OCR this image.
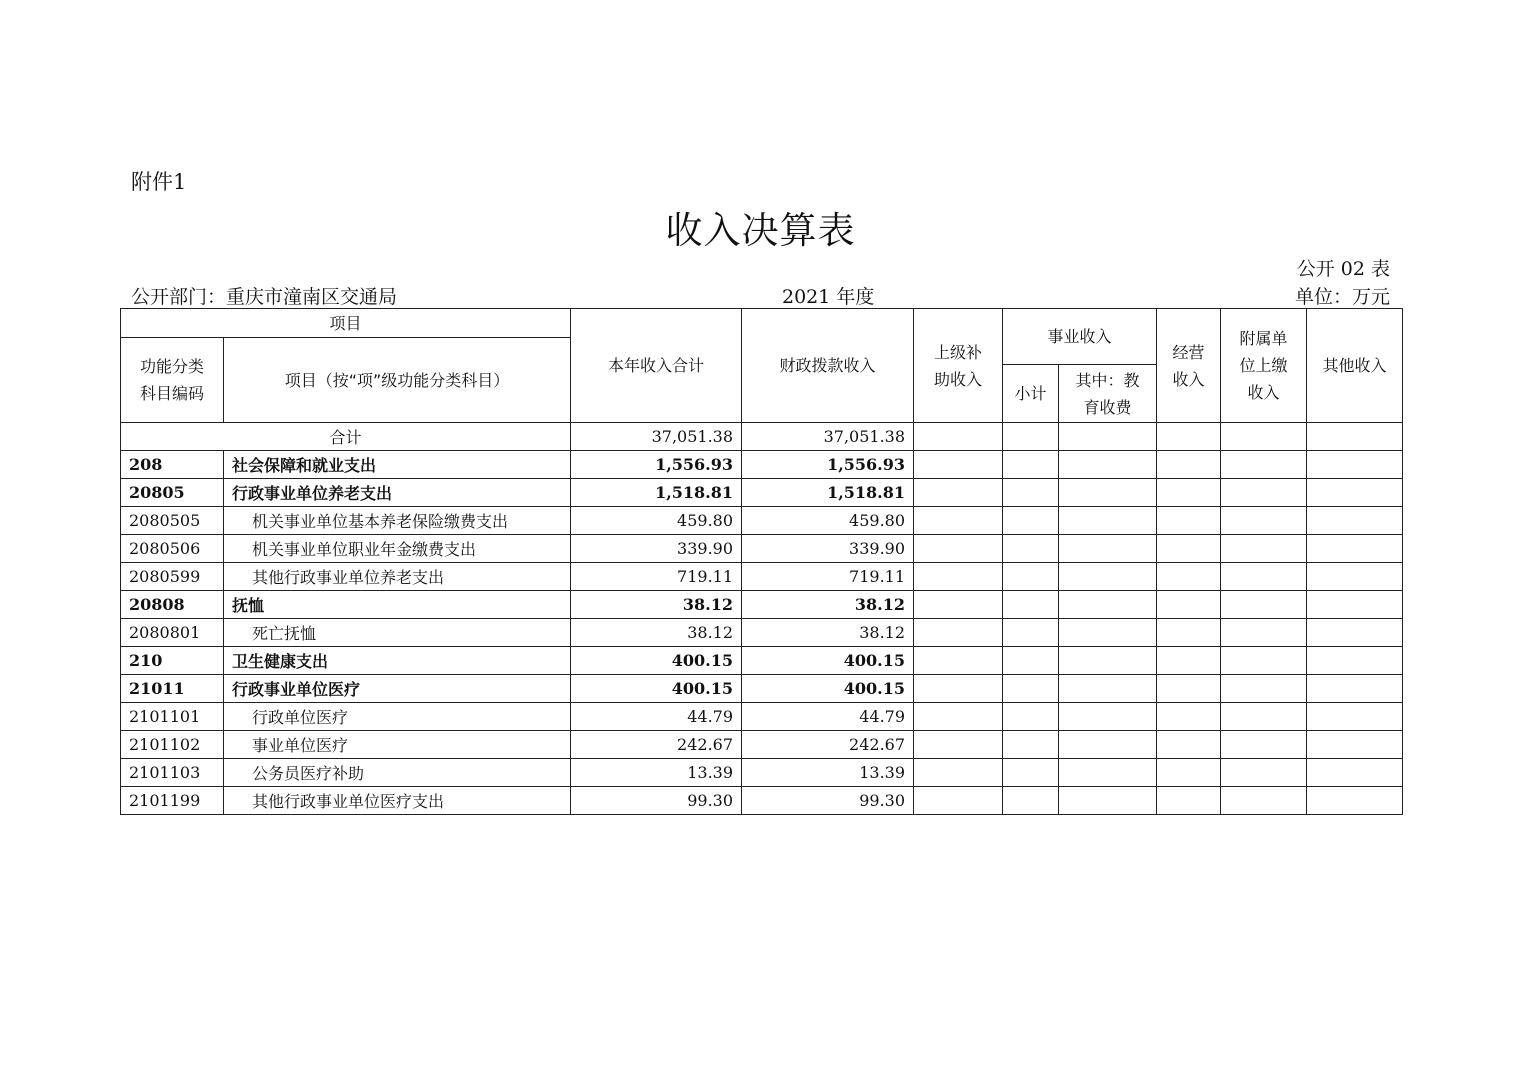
附件1
收入决算表
公开 02 表
公开部门：重庆市潼南区交通局	2021 年度	单位：万元
项目		本年收入合计	财政拨款收入	上级补助收入	事业收入		经营收入	附属单位上缴收入	其他收入

功能分类科目编码	项目（按“项”级功能分类科目）								
					小计	其中：教育收费			

合计		37,051.38	37,051.38						
208	社会保障和就业支出	1,556.93	1,556.93						
20805	行政事业单位养老支出	1,518.81	1,518.81						
2080505	机关事业单位基本养老保险缴费支出	459.80	459.80						
2080506	机关事业单位职业年金缴费支出	339.90	339.90						
2080599	其他行政事业单位养老支出	719.11	719.11						
20808	抚恤	38.12	38.12						
2080801	死亡抚恤	38.12	38.12						
210	卫生健康支出	400.15	400.15						
21011	行政事业单位医疗	400.15	400.15						
2101101	行政单位医疗	44.79	44.79						
2101102	事业单位医疗	242.67	242.67						
2101103	公务员医疗补助	13.39	13.39						
2101199	其他行政事业单位医疗支出	99.30	99.30						
